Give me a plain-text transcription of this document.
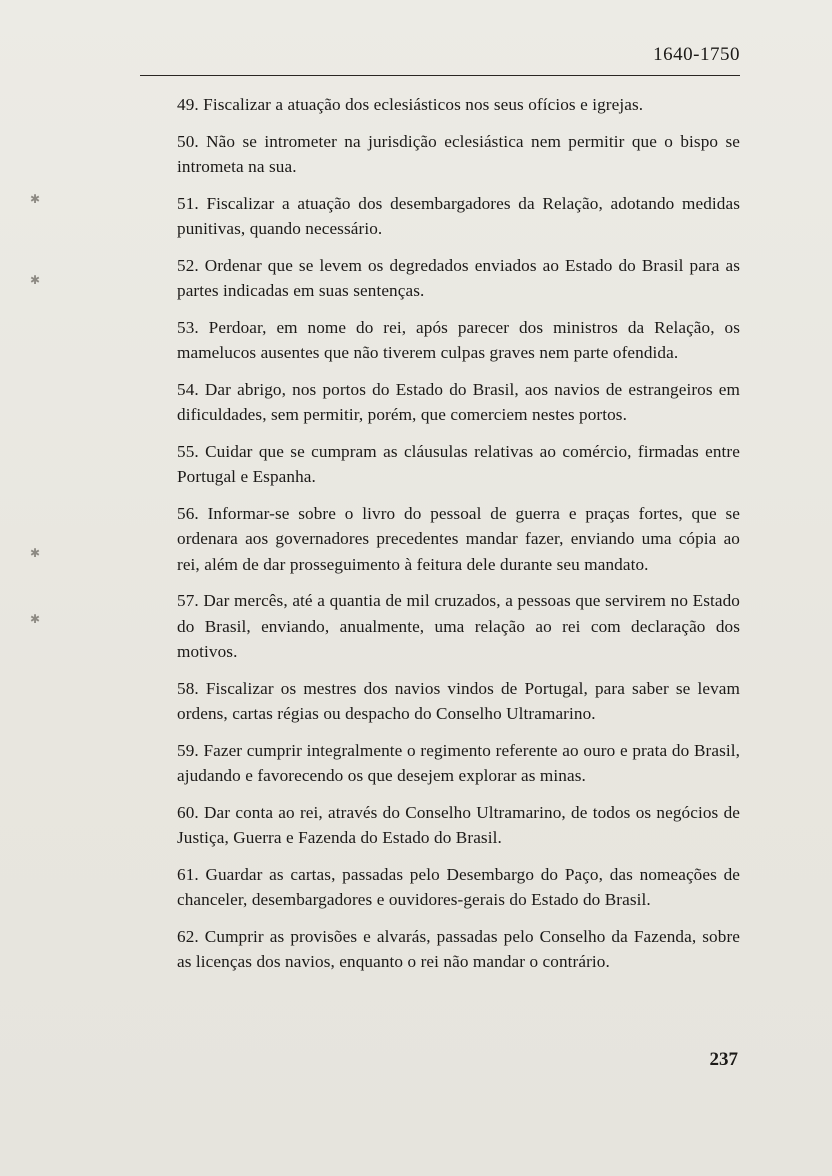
1640-1750
✱
✱
✱
✱

49. Fiscalizar a atuação dos eclesiásticos nos seus ofícios e igrejas.

50. Não se intrometer na jurisdição eclesiástica nem permitir que o bispo se intrometa na sua.

51. Fiscalizar a atuação dos desembargadores da Relação, adotando medidas punitivas, quando necessário.

52. Ordenar que se levem os degredados enviados ao Estado do Brasil para as partes indicadas em suas sentenças.

53. Perdoar, em nome do rei, após parecer dos ministros da Relação, os mamelucos ausentes que não tiverem culpas graves nem parte ofendida.

54. Dar abrigo, nos portos do Estado do Brasil, aos navios de estrangeiros em dificuldades, sem permitir, porém, que comerciem nestes portos.

55. Cuidar que se cumpram as cláusulas relativas ao comércio, firmadas entre Portugal e Espanha.

56. Informar-se sobre o livro do pessoal de guerra e praças fortes, que se ordenara aos governadores precedentes mandar fazer, enviando uma cópia ao rei, além de dar prosseguimento à feitura dele durante seu mandato.

57. Dar mercês, até a quantia de mil cruzados, a pessoas que servirem no Estado do Brasil, enviando, anualmente, uma relação ao rei com declaração dos motivos.

58. Fiscalizar os mestres dos navios vindos de Portugal, para saber se levam ordens, cartas régias ou despacho do Conselho Ultramarino.

59. Fazer cumprir integralmente o regimento referente ao ouro e prata do Brasil, ajudando e favorecendo os que desejem explorar as minas.

60. Dar conta ao rei, através do Conselho Ultramarino, de todos os negócios de Justiça, Guerra e Fazenda do Estado do Brasil.

61. Guardar as cartas, passadas pelo Desembargo do Paço, das nomeações de chanceler, desembargadores e ouvidores-gerais do Estado do Brasil.

62. Cumprir as provisões e alvarás, passadas pelo Conselho da Fazenda, sobre as licenças dos navios, enquanto o rei não mandar o contrário.

237
